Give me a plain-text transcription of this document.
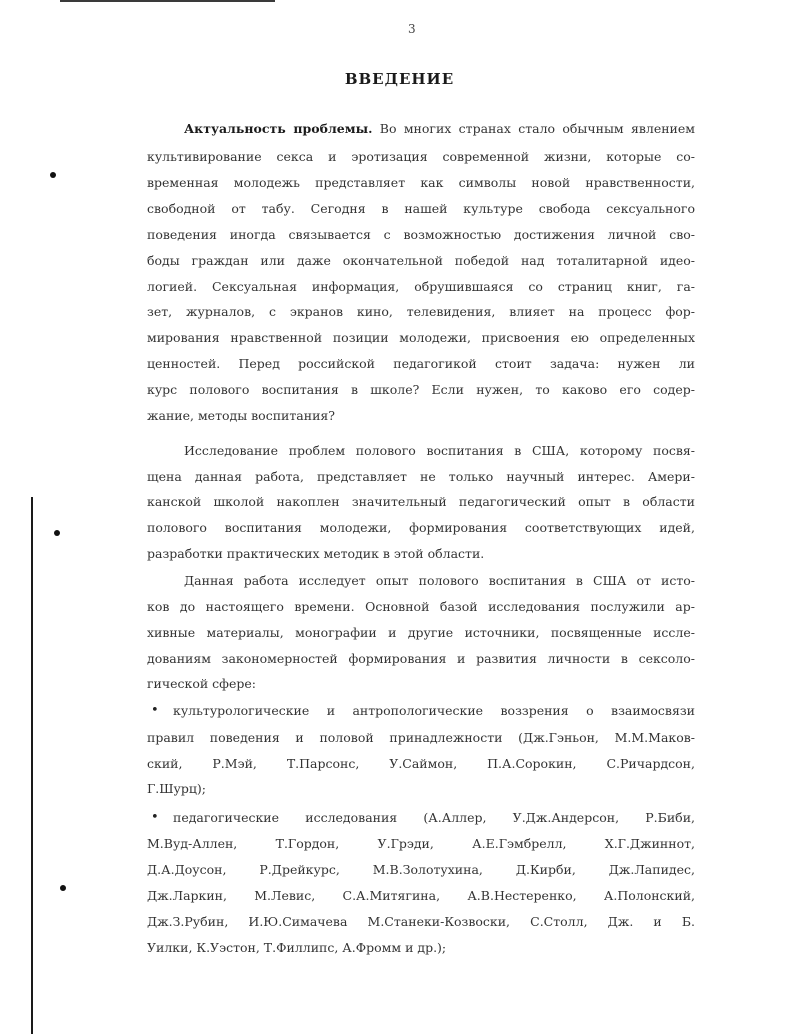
3
ВВЕДЕНИЕ
Актуальность проблемы. Во многих странах стало обычным явлением
культивирование секса и эротизация современной жизни, которые со-
временная молодежь представляет как символы новой нравственности,
свободной от табу. Сегодня в нашей культуре свобода сексуального
поведения иногда связывается с возможностью достижения личной сво-
боды граждан или даже окончательной победой над тоталитарной идео-
логией. Сексуальная информация, обрушившаяся со страниц книг, га-
зет, журналов, с экранов кино, телевидения, влияет на процесс фор-
мирования нравственной позиции молодежи, присвоения ею определенных
ценностей. Перед российской педагогикой стоит задача: нужен ли
курс полового воспитания в школе? Если нужен, то каково его содер-
жание, методы воспитания?
Исследование проблем полового воспитания в США, которому посвя-
щена данная работа, представляет не только научный интерес. Амери-
канской школой накоплен значительный педагогический опыт в области
полового воспитания молодежи, формирования соответствующих идей,
разработки практических методик в этой области.
Данная работа исследует опыт полового воспитания в США от исто-
ков до настоящего времени. Основной базой исследования послужили ар-
хивные материалы, монографии и другие источники, посвященные иссле-
дованиям закономерностей формирования и развития личности в сексоло-
гической сфере:
• культурологические и антропологические воззрения о взаимосвязи
правил поведения и половой принадлежности (Дж.Гэньон, М.М.Маков-
ский, Р.Мэй, Т.Парсонс, У.Саймон, П.А.Сорокин, С.Ричардсон,
Г.Шурц);
• педагогические исследования (А.Аллер, У.Дж.Андерсон, Р.Биби,
М.Вуд-Аллен, Т.Гордон, У.Грэди, А.Е.Гэмбрелл, Х.Г.Джиннот,
Д.А.Доусон, Р.Дрейкурс, М.В.Золотухина, Д.Кирби, Дж.Лапидес,
Дж.Ларкин, М.Левис, С.А.Митягина, А.В.Нестеренко, А.Полонский,
Дж.З.Рубин, И.Ю.Симачева М.Станеки-Козвоски, С.Столл, Дж. и Б.
Уилки, К.Уэстон, Т.Филлипс, А.Фромм и др.);
